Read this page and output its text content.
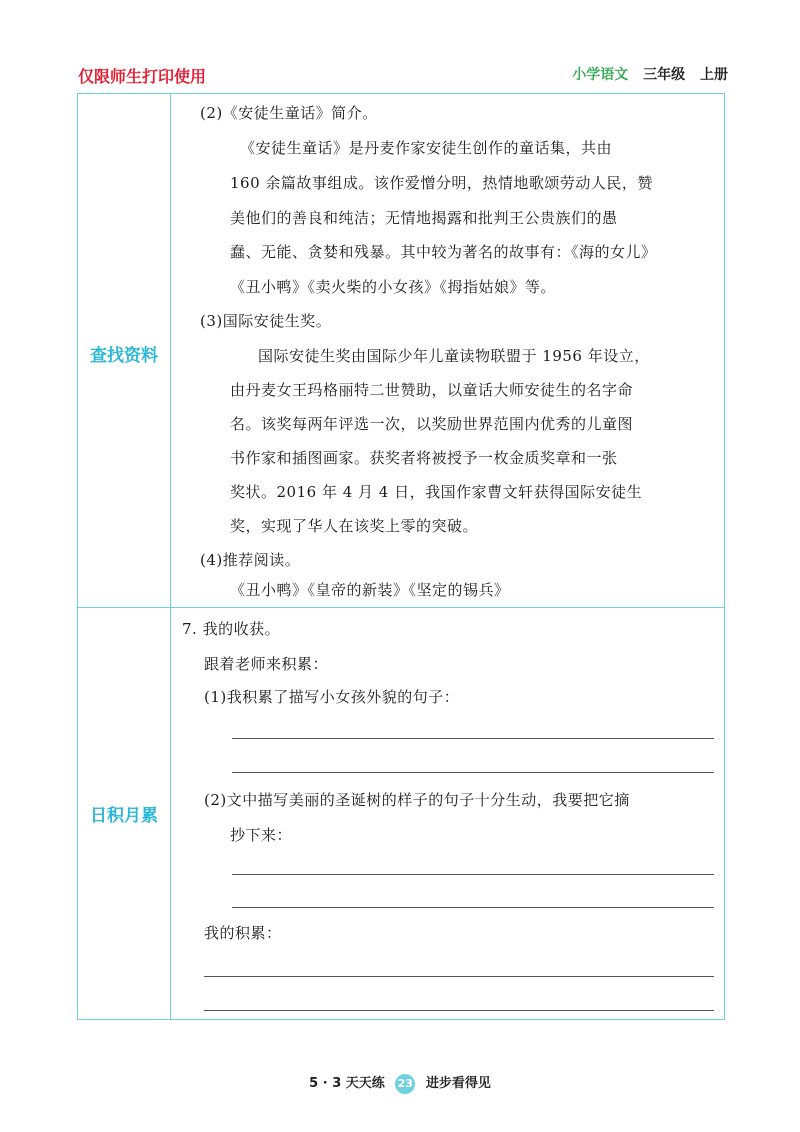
仅限师生打印使用	小学语文 三年级 上册
查找资料
日积月累
(2)《安徒生童话》简介。
《安徒生童话》是丹麦作家安徒生创作的童话集，共由
160 余篇故事组成。该作爱憎分明，热情地歌颂劳动人民，赞
美他们的善良和纯洁；无情地揭露和批判王公贵族们的愚
蠢、无能、贪婪和残暴。其中较为著名的故事有：《海的女儿》
《丑小鸭》《卖火柴的小女孩》《拇指姑娘》等。
(3)国际安徒生奖。
国际安徒生奖由国际少年儿童读物联盟于 1956 年设立，
由丹麦女王玛格丽特二世赞助，以童话大师安徒生的名字命
名。该奖每两年评选一次，以奖励世界范围内优秀的儿童图
书作家和插图画家。获奖者将被授予一枚金质奖章和一张
奖状。2016 年 4 月 4 日，我国作家曹文轩获得国际安徒生
奖，实现了华人在该奖上零的突破。
(4)推荐阅读。
《丑小鸭》《皇帝的新装》《坚定的锡兵》
7. 我的收获。
跟着老师来积累：
(1)我积累了描写小女孩外貌的句子：
(2)文中描写美丽的圣诞树的样子的句子十分生动，我要把它摘
抄下来：
我的积累：
5 · 3 天天练 23 进步看得见
